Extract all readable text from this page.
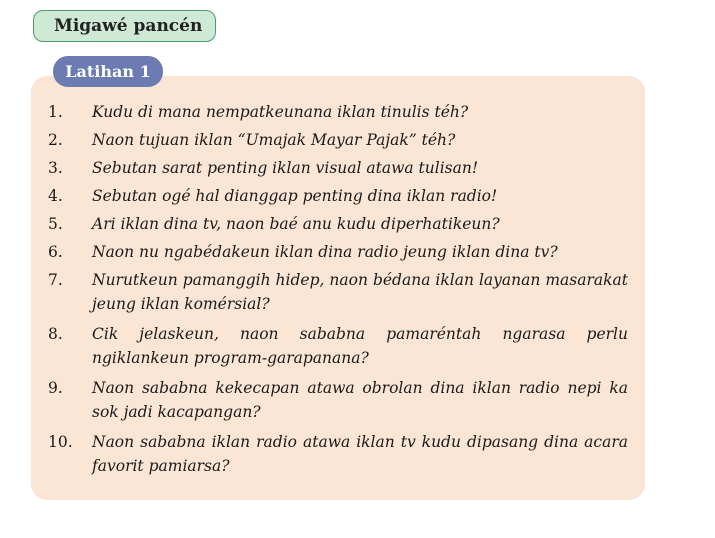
Migawé pancén
Latihan 1
1.	Kudu di mana nempatkeunana iklan tinulis téh?
2.	Naon tujuan iklan “Umajak Mayar Pajak” téh?
3.	Sebutan sarat penting iklan visual atawa tulisan!
4.	Sebutan ogé hal dianggap penting dina iklan radio!
5.	Ari iklan dina tv, naon baé anu kudu diperhatikeun?
6.	Naon nu ngabédakeun iklan dina radio jeung iklan dina tv?
7.	Nurutkeun pamanggih hidep, naon bédana iklan layanan masarakat jeung iklan komérsial?
8.	Cik jelaskeun, naon sababna pamaréntah ngarasa perlu ngiklankeun program-garapanana?
9.	Naon sababna kekecapan atawa obrolan dina iklan radio nepi ka sok jadi kacapangan?
10.	Naon sababna iklan radio atawa iklan tv kudu dipasang dina acara favorit pamiarsa?
